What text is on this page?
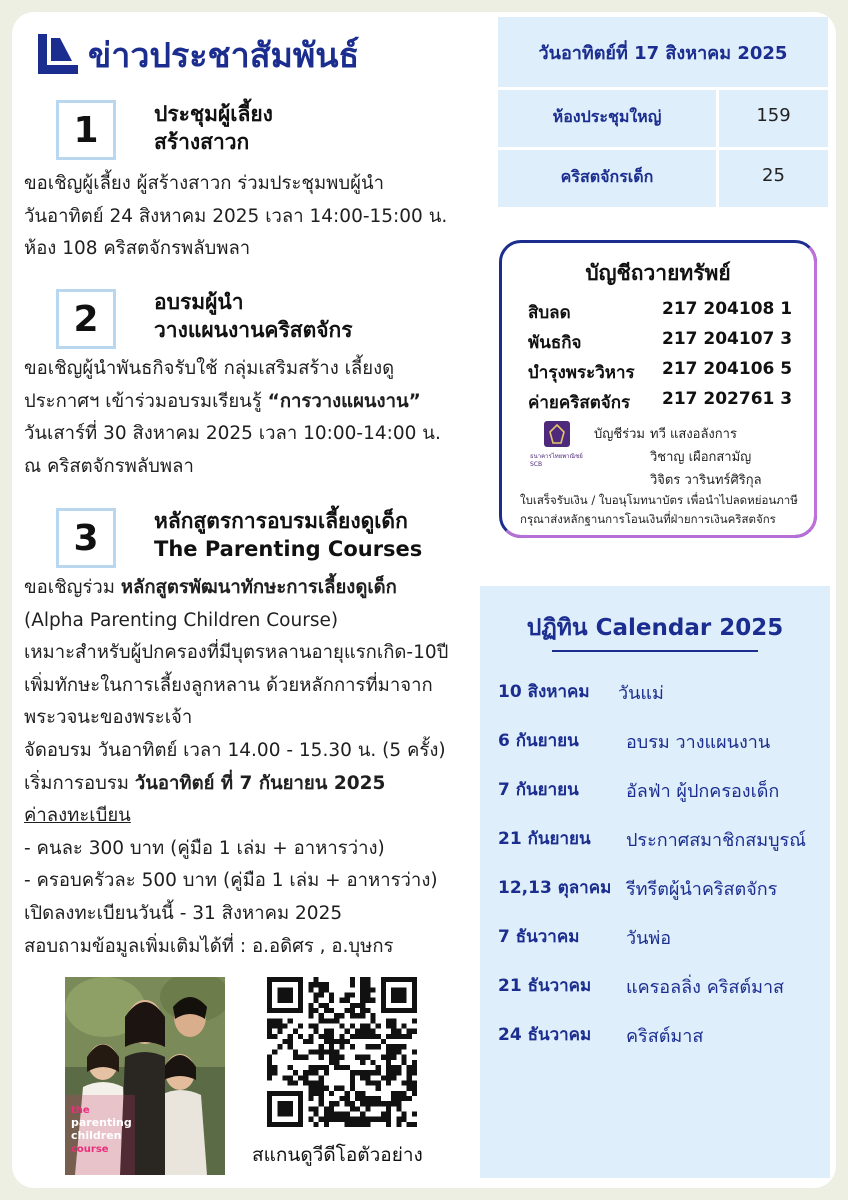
ข่าวประชาสัมพันธ์
1	ประชุมผู้เลี้ยง
สร้างสาวก
ขอเชิญผู้เลี้ยง ผู้สร้างสาวก ร่วมประชุมพบผู้นำ
วันอาทิตย์ 24 สิงหาคม 2025 เวลา 14:00-15:00 น.
ห้อง 108 คริสตจักรพลับพลา
2	อบรมผู้นำ
วางแผนงานคริสตจักร
ขอเชิญผู้นำพันธกิจรับใช้ กลุ่มเสริมสร้าง เลี้ยงดู
ประกาศฯ เข้าร่วมอบรมเรียนรู้ “การวางแผนงาน”
วันเสาร์ที่ 30 สิงหาคม 2025 เวลา 10:00-14:00 น.
ณ คริสตจักรพลับพลา
3	หลักสูตรการอบรมเลี้ยงดูเด็ก
The Parenting Courses
ขอเชิญร่วม หลักสูตรพัฒนาทักษะการเลี้ยงดูเด็ก
(Alpha Parenting Children Course)
เหมาะสำหรับผู้ปกครองที่มีบุตรหลานอายุแรกเกิด-10ปี
เพิ่มทักษะในการเลี้ยงลูกหลาน ด้วยหลักการที่มาจาก
พระวจนะของพระเจ้า
จัดอบรม วันอาทิตย์ เวลา 14.00 - 15.30 น. (5 ครั้ง)
เริ่มการอบรม วันอาทิตย์ ที่ 7 กันยายน 2025
ค่าลงทะเบียน
- คนละ 300 บาท (คู่มือ 1 เล่ม + อาหารว่าง)
- ครอบครัวละ 500 บาท (คู่มือ 1 เล่ม + อาหารว่าง)
เปิดลงทะเบียนวันนี้ - 31 สิงหาคม 2025
สอบถามข้อมูลเพิ่มเติมได้ที่ : อ.อดิศร , อ.บุษกร
the
parenting
children
course	สแกนดูวีดีโอตัวอย่าง
วันอาทิตย์ที่ 17 สิงหาคม 2025
ห้องประชุมใหญ่	159
คริสตจักรเด็ก	25
บัญชีถวายทรัพย์
สิบลด	217 204108 1
พันธกิจ	217 204107 3
บำรุงพระวิหาร 217 204106 5
ค่ายคริสตจักร 217 202761 3
ธนาคารไทยพาณิชย์
SCB
บัญชีร่วม ทวี แสงอลังการ
วิชาญ เผือกสามัญ
วิจิตร วารินทร์ศิริกุล
ใบเสร็จรับเงิน / ใบอนุโมทนาบัตร เพื่อนำไปลดหย่อนภาษี
กรุณาส่งหลักฐานการโอนเงินที่ฝ่ายการเงินคริสตจักร
ปฏิทิน Calendar 2025
10 สิงหาคม วันแม่
6 กันยายน	อบรม วางแผนงาน
7 กันยายน	อัลฟ่า ผู้ปกครองเด็ก
21 กันยายน ประกาศสมาชิกสมบูรณ์
12,13 ตุลาคม รีทรีตผู้นำคริสตจักร
7 ธันวาคม	วันพ่อ
21 ธันวาคม แครอลลิ่ง คริสต์มาส
24 ธันวาคม คริสต์มาส
